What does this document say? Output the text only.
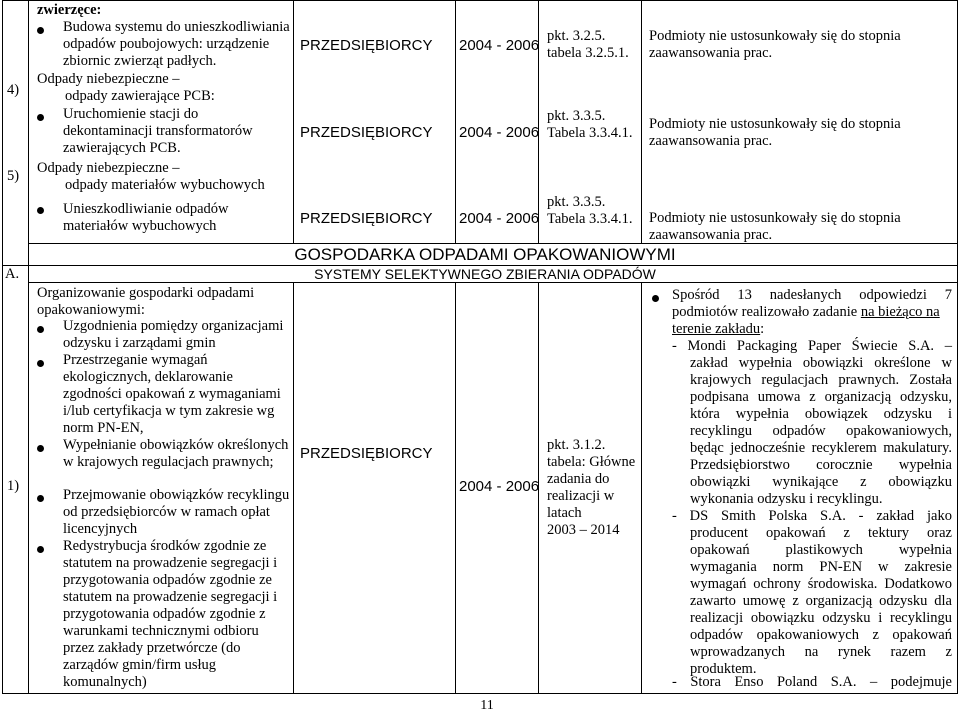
zwierzęce:
Budowa systemu do unieszkodliwiania
odpadów poubojowych: urządzenie
zbiornic zwierząt padłych.
PRZEDSIĘBIORCY 2004 - 2006
pkt. 3.2.5.
tabela 3.2.5.1.
Podmioty nie ustosunkowały się do stopnia
zaawansowania prac.
4)
Odpady niebezpieczne –
odpady zawierające PCB:
Uruchomienie stacji do
dekontaminacji transformatorów
zawierających PCB.
PRZEDSIĘBIORCY 2004 - 2006
pkt. 3.3.5.
Tabela 3.3.4.1.
Podmioty nie ustosunkowały się do stopnia
zaawansowania prac.
5) Odpady niebezpieczne –
odpady materiałów wybuchowych
Unieszkodliwianie odpadów
materiałów wybuchowych	PRZEDSIĘBIORCY 2004 - 2006
pkt. 3.3.5.
Tabela 3.3.4.1. Podmioty nie ustosunkowały się do stopnia
zaawansowania prac.
GOSPODARKA ODPADAMI OPAKOWANIOWYMI
A.	SYSTEMY SELEKTYWNEGO ZBIERANIA ODPADÓW
1)
Organizowanie gospodarki odpadami
opakowaniowymi:
Uzgodnienia pomiędzy organizacjami
odzysku i zarządami gmin
Przestrzeganie wymagań
ekologicznych, deklarowanie
zgodności opakowań z wymaganiami
i/lub certyfikacja w tym zakresie wg
norm PN-EN,
Wypełnianie obowiązków określonych
w krajowych regulacjach prawnych;
Przejmowanie obowiązków recyklingu
od przedsiębiorców w ramach opłat
licencyjnych
Redystrybucja środków zgodnie ze
statutem na prowadzenie segregacji i
przygotowania odpadów zgodnie ze
statutem na prowadzenie segregacji i
przygotowania odpadów zgodnie z
warunkami technicznymi odbioru
przez zakłady przetwórcze (do
zarządów gmin/firm usług
komunalnych)
PRZEDSIĘBIORCY
2004 - 2006
pkt. 3.1.2.
tabela: Główne
zadania do
realizacji w
latach
2003 – 2014
Spośród 13 nadesłanych odpowiedzi 7
podmiotów realizowało zadanie na bieżąco na
terenie zakładu:
- Mondi Packaging Paper Świecie S.A. –
zakład wypełnia obowiązki określone w krajowych regulacjach prawnych. Została podpisana umowa z organizacją odzysku, która wypełnia obowiązek odzysku i recyklingu odpadów opakowaniowych, będąc jednocześnie recyklerem makulatury. Przedsiębiorstwo corocznie wypełnia obowiązki wynikające z obowiązku wykonania odzysku i recyklingu.
- DS Smith Polska S.A. - zakład jako
producent opakowań z tektury oraz opakowań plastikowych wypełnia wymagania norm PN-EN w zakresie wymagań ochrony środowiska. Dodatkowo zawarto umowę z organizacją odzysku dla realizacji obowiązku odzysku i recyklingu odpadów opakowaniowych z opakowań wprowadzanych na rynek razem z produktem.
- Stora Enso Poland S.A. – podejmuje
11
